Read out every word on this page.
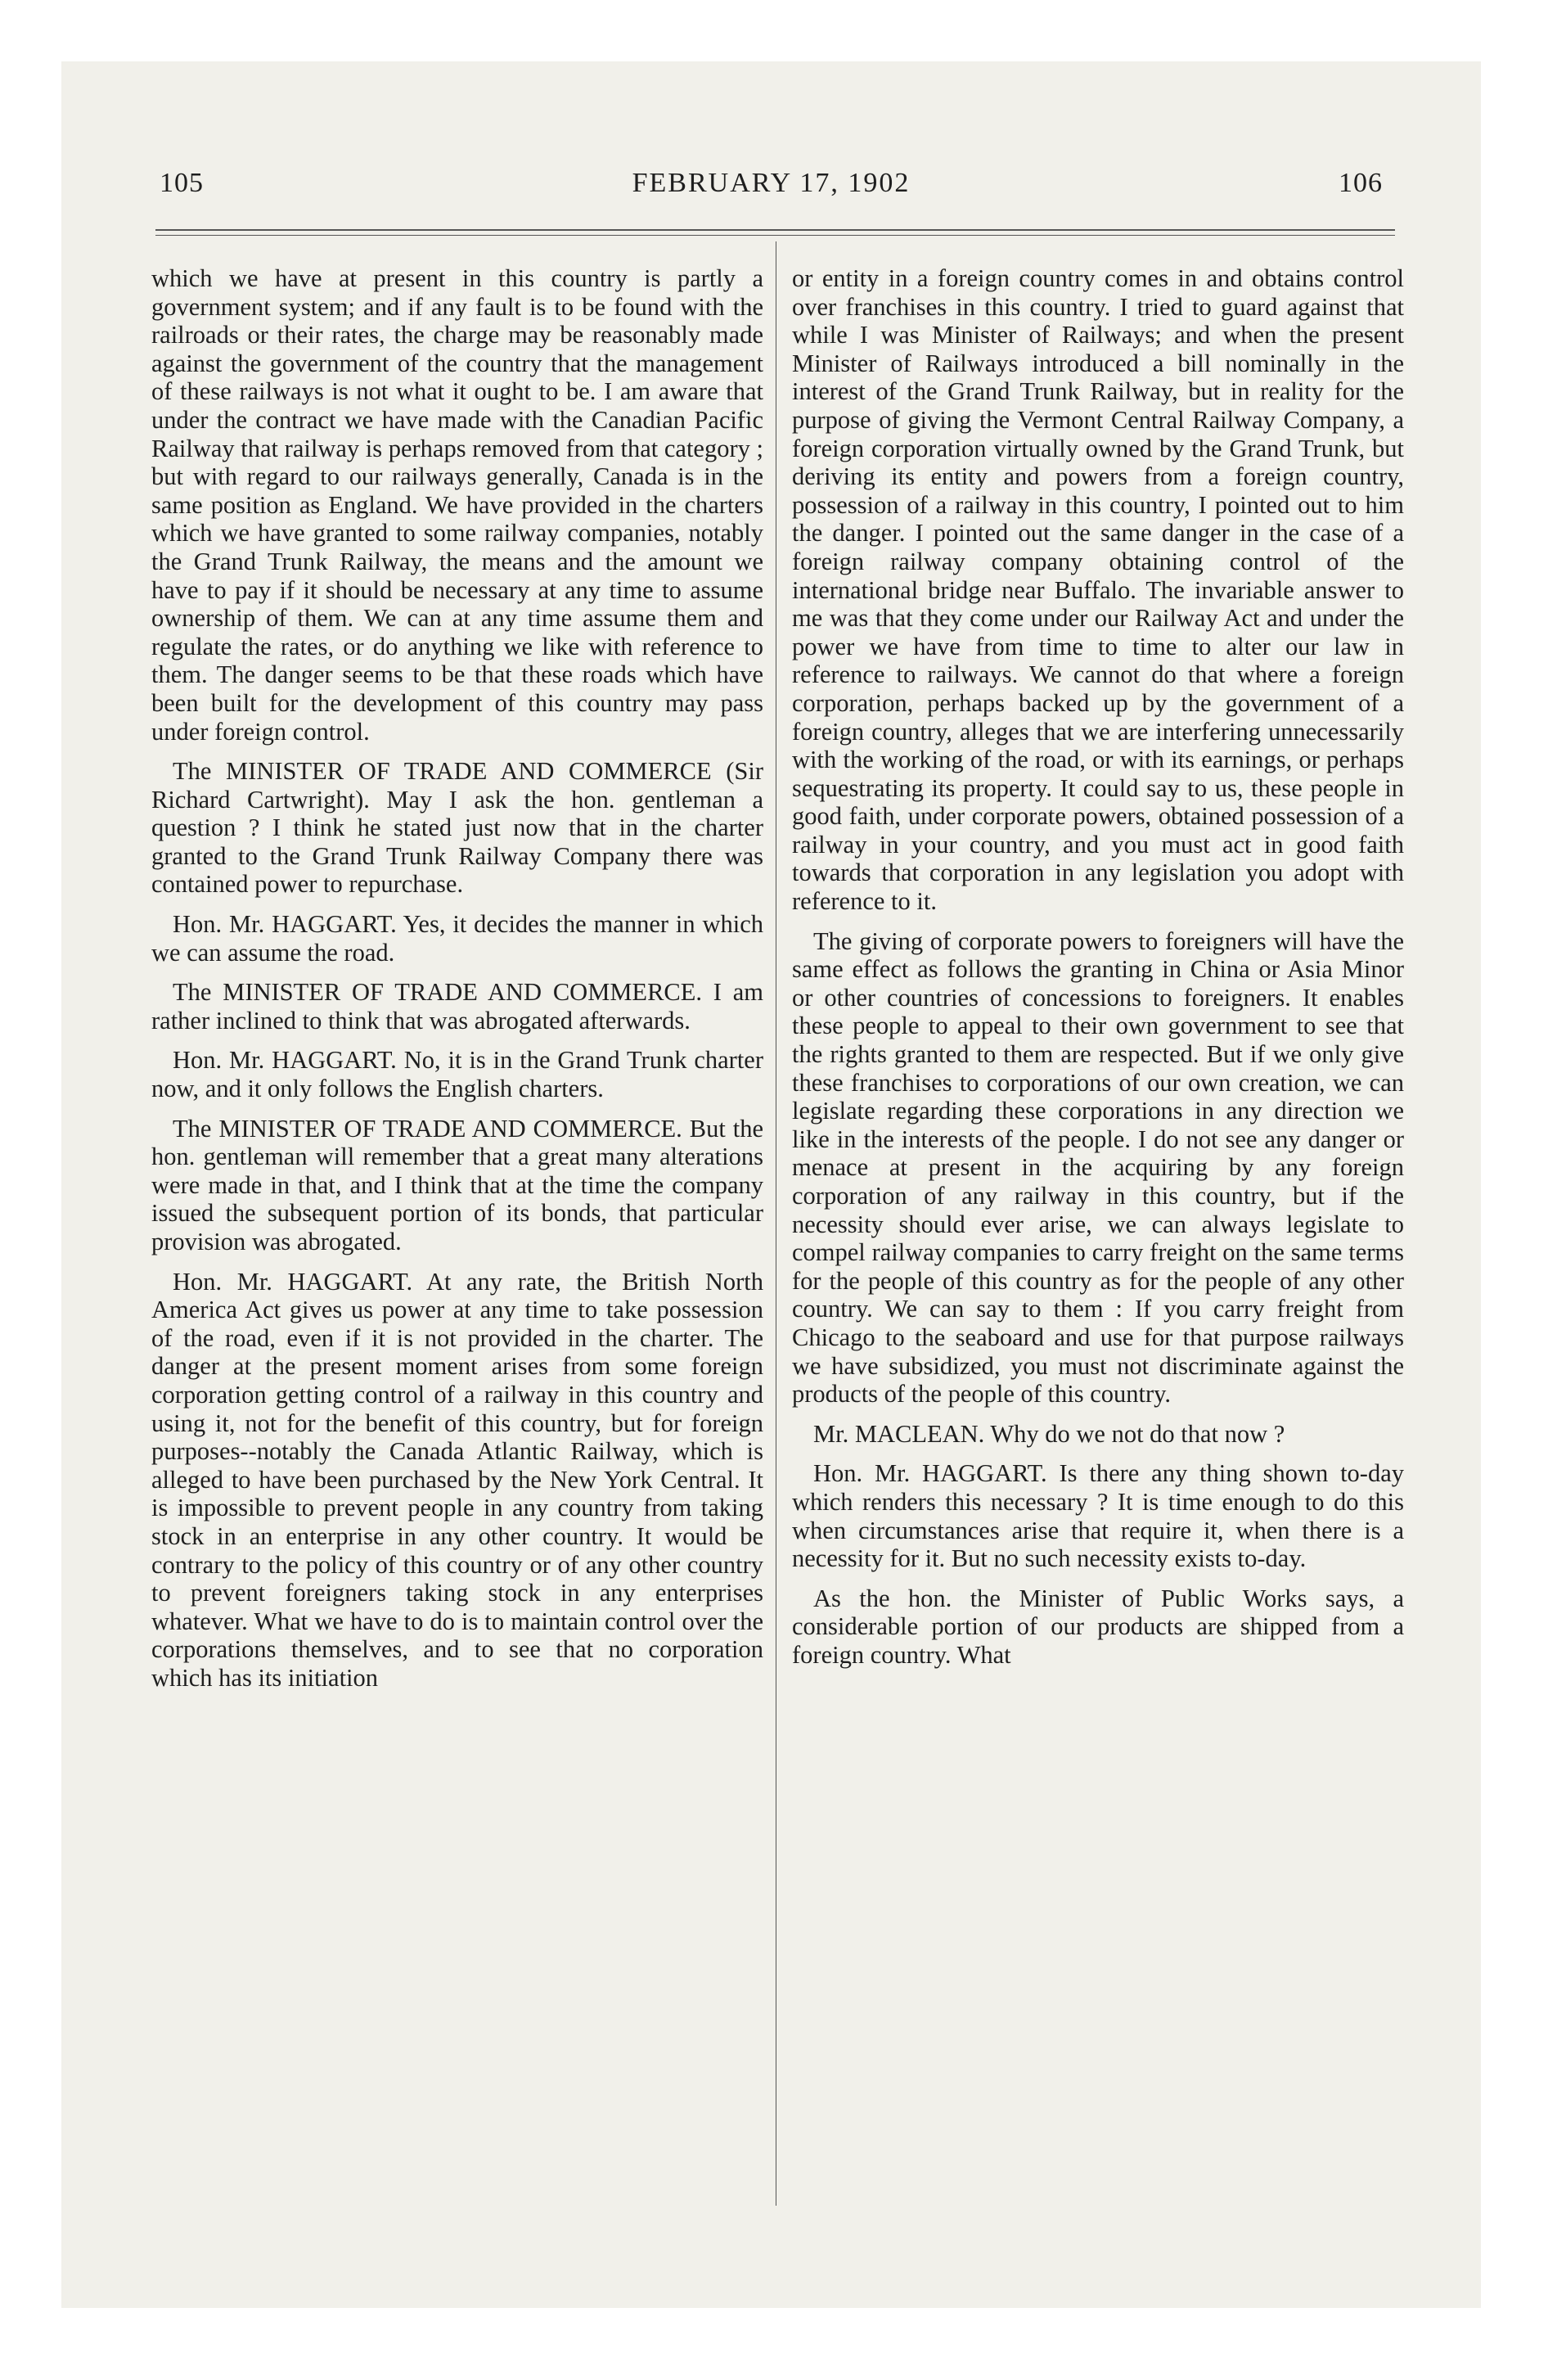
105	FEBRUARY 17, 1902	106

which we have at present in this country is partly a government system; and if any fault is to be found with the railroads or their rates, the charge may be reasonably made against the government of the country that the management of these railways is not what it ought to be. I am aware that under the contract we have made with the Canadian Pacific Railway that railway is perhaps removed from that category ; but with regard to our railways generally, Canada is in the same position as England. We have provided in the charters which we have granted to some railway companies, notably the Grand Trunk Railway, the means and the amount we have to pay if it should be necessary at any time to assume ownership of them. We can at any time assume them and regulate the rates, or do anything we like with reference to them. The danger seems to be that these roads which have been built for the development of this country may pass under foreign control.

The MINISTER OF TRADE AND COMMERCE (Sir Richard Cartwright). May I ask the hon. gentleman a question ? I think he stated just now that in the charter granted to the Grand Trunk Railway Company there was contained power to repurchase.

Hon. Mr. HAGGART. Yes, it decides the manner in which we can assume the road.

The MINISTER OF TRADE AND COMMERCE. I am rather inclined to think that was abrogated afterwards.

Hon. Mr. HAGGART. No, it is in the Grand Trunk charter now, and it only follows the English charters.

The MINISTER OF TRADE AND COMMERCE. But the hon. gentleman will remember that a great many alterations were made in that, and I think that at the time the company issued the subsequent portion of its bonds, that particular provision was abrogated.

Hon. Mr. HAGGART. At any rate, the British North America Act gives us power at any time to take possession of the road, even if it is not provided in the charter. The danger at the present moment arises from some foreign corporation getting control of a railway in this country and using it, not for the benefit of this country, but for foreign purposes--notably the Canada Atlantic Railway, which is alleged to have been purchased by the New York Central. It is impossible to prevent people in any country from taking stock in an enterprise in any other country. It would be contrary to the policy of this country or of any other country to prevent foreigners taking stock in any enterprises whatever. What we have to do is to maintain control over the corporations themselves, and to see that no corporation which has its initiation

or entity in a foreign country comes in and obtains control over franchises in this country. I tried to guard against that while I was Minister of Railways; and when the present Minister of Railways introduced a bill nominally in the interest of the Grand Trunk Railway, but in reality for the purpose of giving the Vermont Central Railway Company, a foreign corporation virtually owned by the Grand Trunk, but deriving its entity and powers from a foreign country, possession of a railway in this country, I pointed out to him the danger. I pointed out the same danger in the case of a foreign railway company obtaining control of the international bridge near Buffalo. The invariable answer to me was that they come under our Railway Act and under the power we have from time to time to alter our law in reference to railways. We cannot do that where a foreign corporation, perhaps backed up by the government of a foreign country, alleges that we are interfering unnecessarily with the working of the road, or with its earnings, or perhaps sequestrating its property. It could say to us, these people in good faith, under corporate powers, obtained possession of a railway in your country, and you must act in good faith towards that corporation in any legislation you adopt with reference to it.

The giving of corporate powers to foreigners will have the same effect as follows the granting in China or Asia Minor or other countries of concessions to foreigners. It enables these people to appeal to their own government to see that the rights granted to them are respected. But if we only give these franchises to corporations of our own creation, we can legislate regarding these corporations in any direction we like in the interests of the people. I do not see any danger or menace at present in the acquiring by any foreign corporation of any railway in this country, but if the necessity should ever arise, we can always legislate to compel railway companies to carry freight on the same terms for the people of this country as for the people of any other country. We can say to them : If you carry freight from Chicago to the seaboard and use for that purpose railways we have subsidized, you must not discriminate against the products of the people of this country.

Mr. MACLEAN. Why do we not do that now ?

Hon. Mr. HAGGART. Is there any thing shown to-day which renders this necessary ? It is time enough to do this when circumstances arise that require it, when there is a necessity for it. But no such necessity exists to-day.

As the hon. the Minister of Public Works says, a considerable portion of our products are shipped from a foreign country. What
